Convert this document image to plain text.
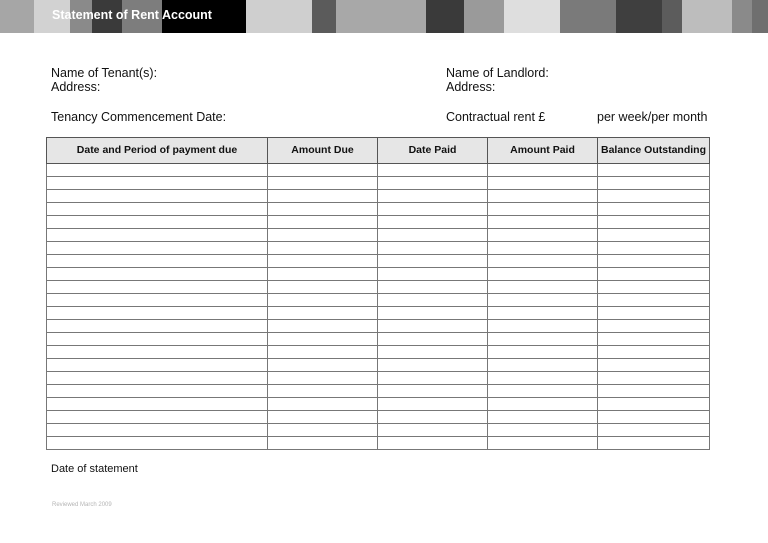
Statement of Rent Account
Name of Tenant(s):
Address:
Name of Landlord:
Address:
Tenancy Commencement Date:	Contractual rent £	per week/per month
Date and Period of payment due	Amount Due	Date Paid	Amount Paid	Balance Outstanding

Date of statement
Reviewed March 2009
